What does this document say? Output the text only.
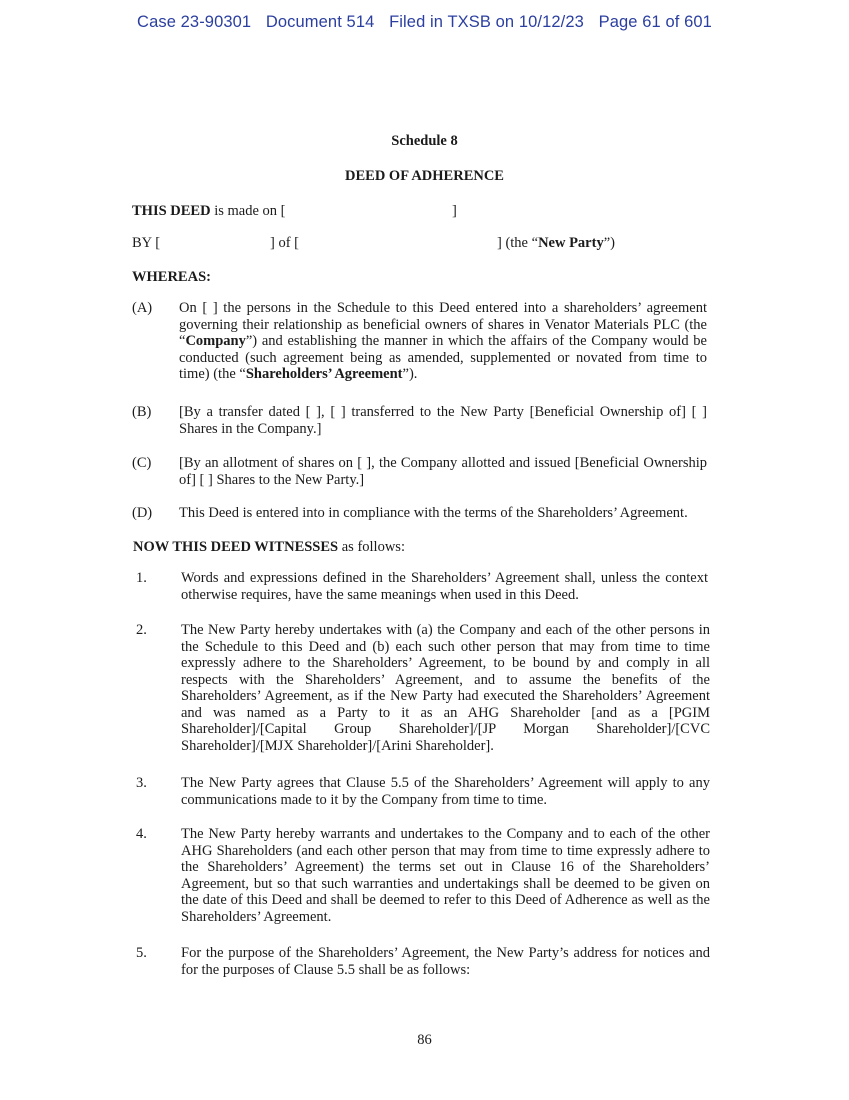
Case 23-90301 Document 514 Filed in TXSB on 10/12/23 Page 61 of 601
Schedule 8
DEED OF ADHERENCE
THIS DEED is made on [	]
BY [	] of [	] (the “New Party”)
WHEREAS:
(A) On [ ] the persons in the Schedule to this Deed entered into a shareholders’ agreement governing their relationship as beneficial owners of shares in Venator Materials PLC (the “Company”) and establishing the manner in which the affairs of the Company would be conducted (such agreement being as amended, supplemented or novated from time to time) (the “Shareholders’ Agreement”).
(B) [By a transfer dated [ ], [ ] transferred to the New Party [Beneficial Ownership of] [ ] Shares in the Company.]
(C) [By an allotment of shares on [ ], the Company allotted and issued [Beneficial Ownership of] [ ] Shares to the New Party.]
(D) This Deed is entered into in compliance with the terms of the Shareholders’ Agreement.
NOW THIS DEED WITNESSES as follows:
1. Words and expressions defined in the Shareholders’ Agreement shall, unless the context otherwise requires, have the same meanings when used in this Deed.
2. The New Party hereby undertakes with (a) the Company and each of the other persons in the Schedule to this Deed and (b) each such other person that may from time to time expressly adhere to the Shareholders’ Agreement, to be bound by and comply in all respects with the Shareholders’ Agreement, and to assume the benefits of the Shareholders’ Agreement, as if the New Party had executed the Shareholders’ Agreement and was named as a Party to it as an AHG Shareholder [and as a [PGIM Shareholder]/[Capital Group Shareholder]/[JP Morgan Shareholder]/[CVC Shareholder]/[MJX Shareholder]/[Arini Shareholder].
3. The New Party agrees that Clause 5.5 of the Shareholders’ Agreement will apply to any communications made to it by the Company from time to time.
4. The New Party hereby warrants and undertakes to the Company and to each of the other AHG Shareholders (and each other person that may from time to time expressly adhere to the Shareholders’ Agreement) the terms set out in Clause 16 of the Shareholders’ Agreement, but so that such warranties and undertakings shall be deemed to be given on the date of this Deed and shall be deemed to refer to this Deed of Adherence as well as the Shareholders’ Agreement.
5. For the purpose of the Shareholders’ Agreement, the New Party’s address for notices and for the purposes of Clause 5.5 shall be as follows:
86
